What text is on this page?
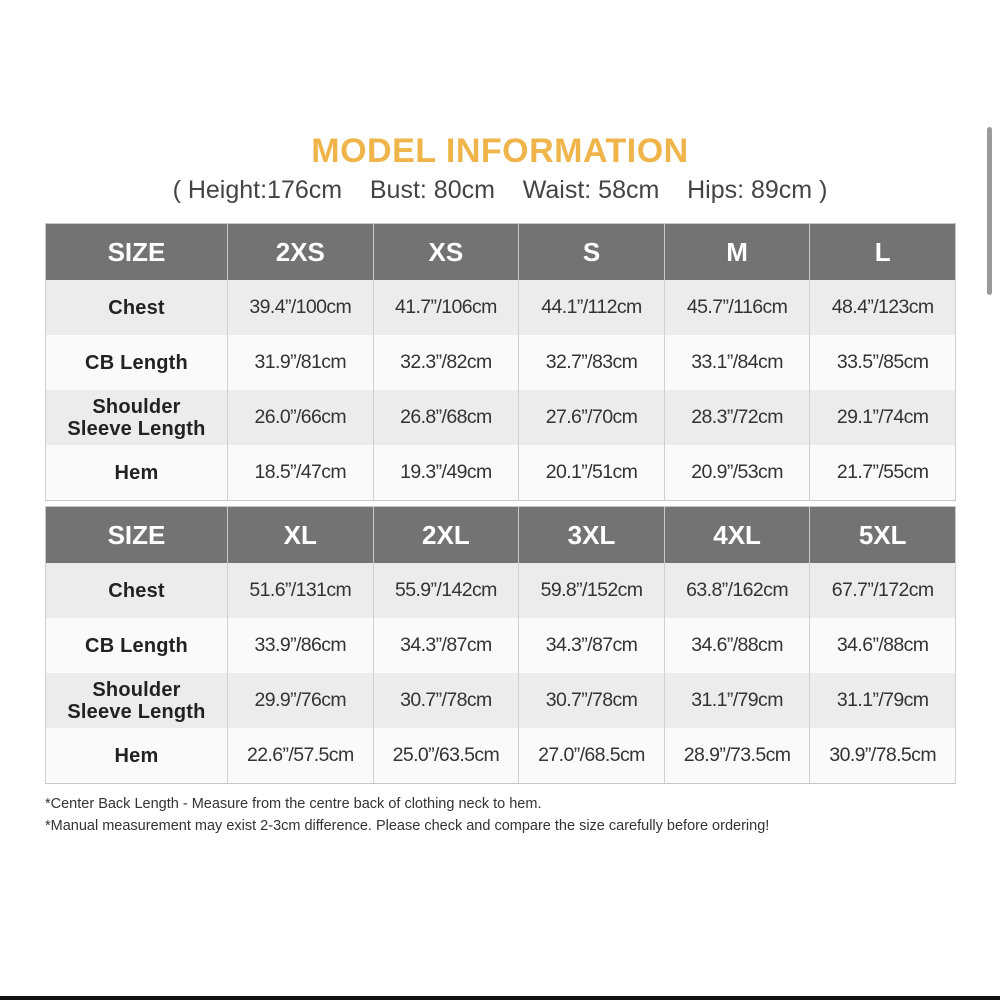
MODEL INFORMATION
( Height:176cm    Bust: 80cm    Waist: 58cm    Hips: 89cm )
SIZE	2XS	XS	S	M	L
Chest	39.4”/100cm	41.7”/106cm	44.1”/112cm	45.7”/116cm	48.4”/123cm
CB Length	31.9”/81cm	32.3”/82cm	32.7”/83cm	33.1”/84cm	33.5”/85cm
Shoulder
Sleeve Length	26.0”/66cm	26.8”/68cm	27.6”/70cm	28.3”/72cm	29.1”/74cm
Hem	18.5”/47cm	19.3”/49cm	20.1”/51cm	20.9”/53cm	21.7”/55cm
SIZE	XL	2XL	3XL	4XL	5XL
Chest	51.6”/131cm	55.9”/142cm	59.8”/152cm	63.8”/162cm	67.7”/172cm
CB Length	33.9”/86cm	34.3”/87cm	34.3”/87cm	34.6”/88cm	34.6”/88cm
Shoulder
Sleeve Length	29.9”/76cm	30.7”/78cm	30.7”/78cm	31.1”/79cm	31.1”/79cm
Hem	22.6”/57.5cm	25.0”/63.5cm	27.0”/68.5cm	28.9”/73.5cm	30.9”/78.5cm
*Center Back Length - Measure from the centre back of clothing neck to hem.
*Manual measurement may exist 2-3cm difference. Please check and compare the size carefully before ordering!
